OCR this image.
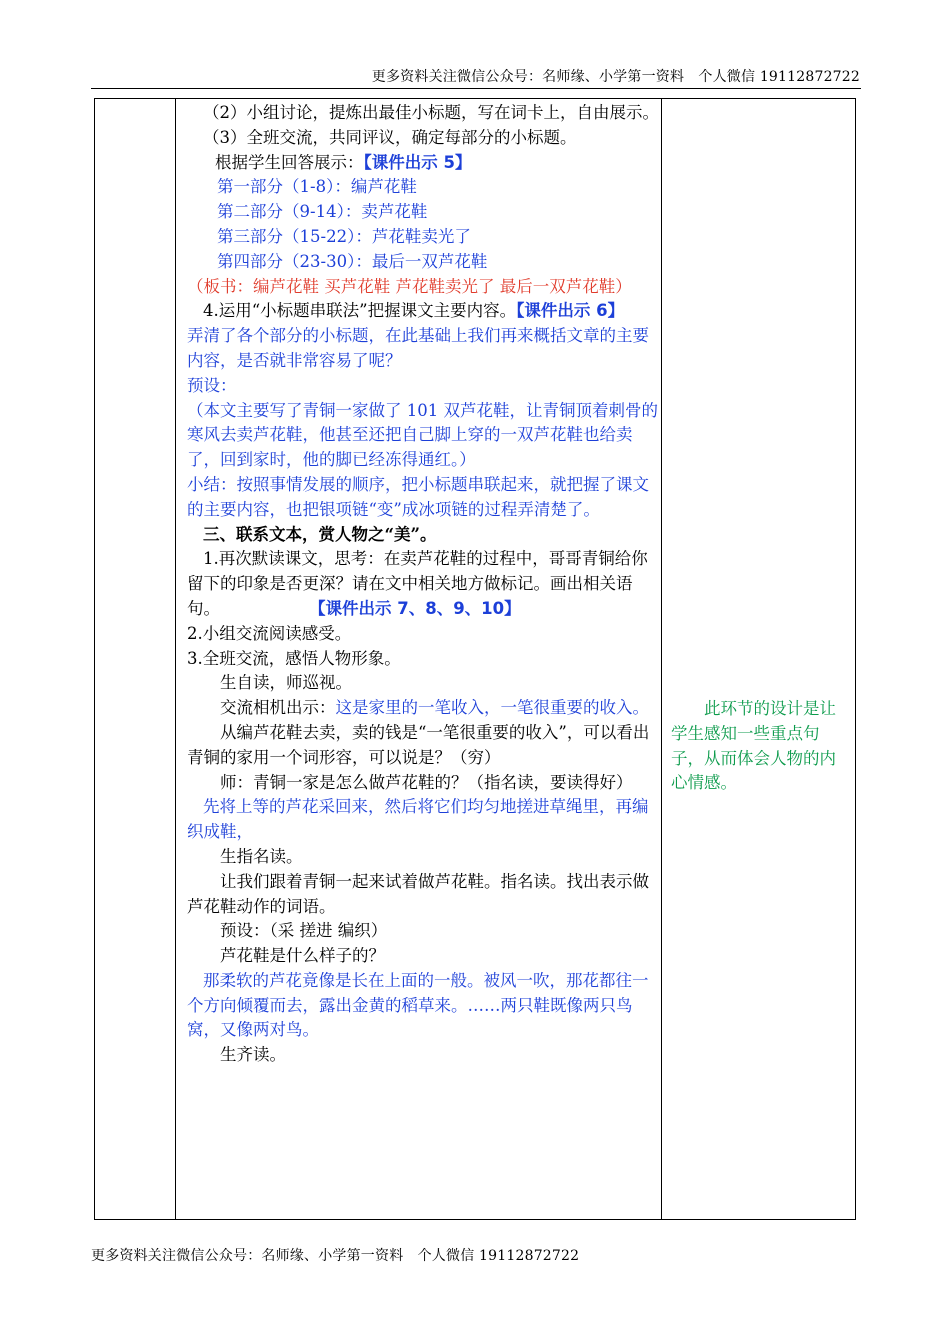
更多资料关注微信公众号：名师缘、小学第一资料　个人微信 19112872722

（2）小组讨论，提炼出最佳小标题，写在词卡上，自由展示。

（3）全班交流，共同评议，确定每部分的小标题。

根据学生回答展示：【课件出示 5】

第一部分（1-8）：编芦花鞋

第二部分（9-14）：卖芦花鞋

第三部分（15-22）：芦花鞋卖光了

第四部分（23-30）：最后一双芦花鞋

（板书：编芦花鞋 买芦花鞋 芦花鞋卖光了 最后一双芦花鞋）

4.运用“小标题串联法”把握课文主要内容。【课件出示 6】

弄清了各个部分的小标题，在此基础上我们再来概括文章的主要内容，是否就非常容易了呢？

预设：

（本文主要写了青铜一家做了 101 双芦花鞋，让青铜顶着刺骨的寒风去卖芦花鞋，他甚至还把自己脚上穿的一双芦花鞋也给卖了，回到家时，他的脚已经冻得通红。）

小结：按照事情发展的顺序，把小标题串联起来，就把握了课文的主要内容，也把银项链“变”成冰项链的过程弄清楚了。

三、联系文本，赏人物之“美”。

1.再次默读课文，思考：在卖芦花鞋的过程中，哥哥青铜给你留下的印象是否更深？请在文中相关地方做标记。画出相关语句。	【课件出示 7、8、9、10】

2.小组交流阅读感受。

3.全班交流，感悟人物形象。

生自读，师巡视。

交流相机出示：这是家里的一笔收入，一笔很重要的收入。

从编芦花鞋去卖，卖的钱是“一笔很重要的收入”，可以看出青铜的家用一个词形容，可以说是？（穷）

师：青铜一家是怎么做芦花鞋的？（指名读，要读得好）

先将上等的芦花采回来，然后将它们均匀地搓进草绳里，再编织成鞋，

生指名读。

让我们跟着青铜一起来试着做芦花鞋。指名读。找出表示做芦花鞋动作的词语。

预设：（采 搓进 编织）

芦花鞋是什么样子的？

那柔软的芦花竟像是长在上面的一般。被风一吹，那花都往一个方向倾覆而去，露出金黄的稻草来。……两只鞋既像两只鸟窝，又像两对鸟。

生齐读。

此环节的设计是让学生感知一些重点句子，从而体会人物的内心情感。

更多资料关注微信公众号：名师缘、小学第一资料　个人微信 19112872722
